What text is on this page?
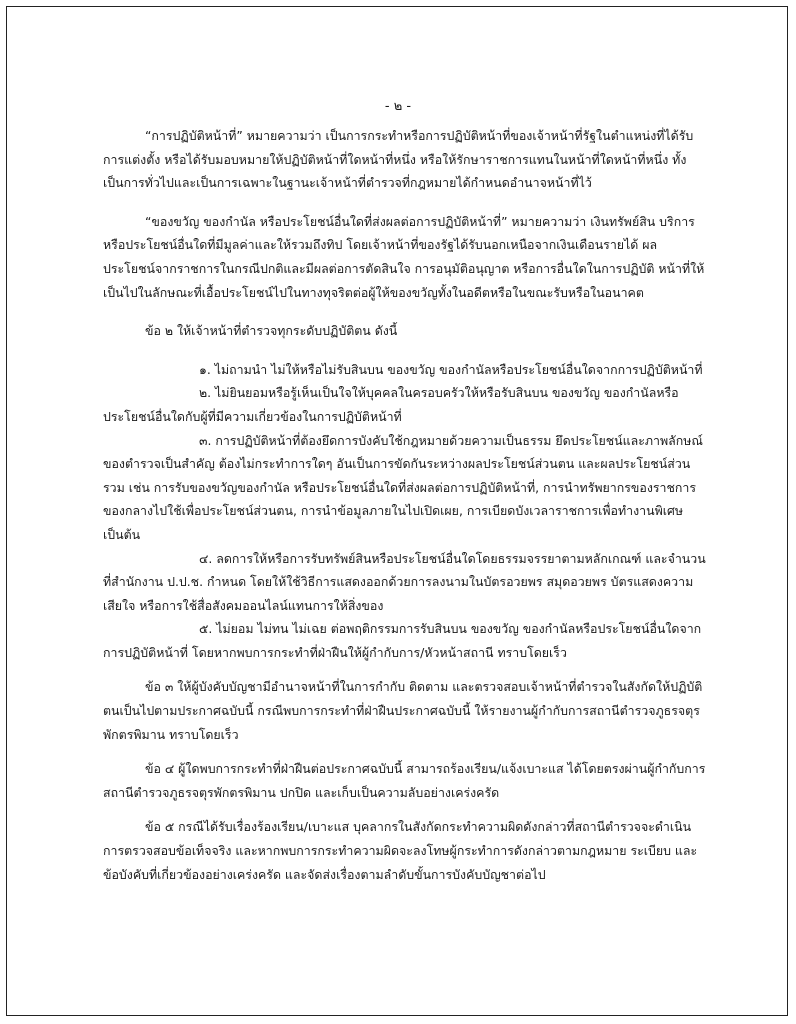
- ๒ -

“การปฏิบัติหน้าที่” หมายความว่า เป็นการกระทำหรือการปฏิบัติหน้าที่ของเจ้าหน้าที่รัฐในตำแหน่งที่ได้รับการแต่งตั้ง หรือได้รับมอบหมายให้ปฏิบัติหน้าที่ใดหน้าที่หนึ่ง หรือให้รักษาราชการแทนในหน้าที่ใดหน้าที่หนึ่ง ทั้งเป็นการทั่วไปและเป็นการเฉพาะในฐานะเจ้าหน้าที่ตำรวจที่กฎหมายได้กำหนดอำนาจหน้าที่ไว้

“ของขวัญ ของกำนัล หรือประโยชน์อื่นใดที่ส่งผลต่อการปฏิบัติหน้าที่” หมายความว่า เงินทรัพย์สิน บริการหรือประโยชน์อื่นใดที่มีมูลค่าและให้รวมถึงทิป โดยเจ้าหน้าที่ของรัฐได้รับนอกเหนือจากเงินเดือนรายได้ ผลประโยชน์จากราชการในกรณีปกติและมีผลต่อการตัดสินใจ การอนุมัติอนุญาต หรือการอื่นใดในการปฏิบัติ หน้าที่ให้เป็นไปในลักษณะที่เอื้อประโยชน์ไปในทางทุจริตต่อผู้ให้ของขวัญทั้งในอดีตหรือในขณะรับหรือในอนาคต

ข้อ ๒ ให้เจ้าหน้าที่ตำรวจทุกระดับปฏิบัติตน ดังนี้

๑. ไม่ถามนำ ไม่ให้หรือไม่รับสินบน ของขวัญ ของกำนัลหรือประโยชน์อื่นใดจากการปฏิบัติหน้าที่

๒. ไม่ยินยอมหรือรู้เห็นเป็นใจให้บุคคลในครอบครัวให้หรือรับสินบน ของขวัญ ของกำนัลหรือประโยชน์อื่นใดกับผู้ที่มีความเกี่ยวข้องในการปฏิบัติหน้าที่

๓. การปฏิบัติหน้าที่ต้องยึดการบังคับใช้กฎหมายด้วยความเป็นธรรม ยึดประโยชน์และภาพลักษณ์ของตำรวจเป็นสำคัญ ต้องไม่กระทำการใดๆ อันเป็นการขัดกันระหว่างผลประโยชน์ส่วนตน และผลประโยชน์ส่วนรวม เช่น การรับของขวัญของกำนัล หรือประโยชน์อื่นใดที่ส่งผลต่อการปฏิบัติหน้าที่, การนำทรัพยากรของราชการของกลางไปใช้เพื่อประโยชน์ส่วนตน, การนำข้อมูลภายในไปเปิดเผย, การเบียดบังเวลาราชการเพื่อทำงานพิเศษ เป็นต้น

๔. ลดการให้หรือการรับทรัพย์สินหรือประโยชน์อื่นใดโดยธรรมจรรยาตามหลักเกณฑ์ และจำนวนที่สำนักงาน ป.ป.ช. กำหนด โดยให้ใช้วิธีการแสดงออกด้วยการลงนามในบัตรอวยพร สมุดอวยพร บัตรแสดงความเสียใจ หรือการใช้สื่อสังคมออนไลน์แทนการให้สิ่งของ

๕. ไม่ยอม ไม่ทน ไม่เฉย ต่อพฤติกรรมการรับสินบน ของขวัญ ของกำนัลหรือประโยชน์อื่นใดจากการปฏิบัติหน้าที่ โดยหากพบการกระทำที่ฝ่าฝืนให้ผู้กำกับการ/หัวหน้าสถานี ทราบโดยเร็ว

ข้อ ๓ ให้ผู้บังคับบัญชามีอำนาจหน้าที่ในการกำกับ ติดตาม และตรวจสอบเจ้าหน้าที่ตำรวจในสังกัดให้ปฏิบัติตนเป็นไปตามประกาศฉบับนี้ กรณีพบการกระทำที่ฝ่าฝืนประกาศฉบับนี้ ให้รายงานผู้กำกับการสถานีตำรวจภูธรจตุรพักตรพิมาน ทราบโดยเร็ว

ข้อ ๔ ผู้ใดพบการกระทำที่ฝ่าฝืนต่อประกาศฉบับนี้ สามารถร้องเรียน/แจ้งเบาะแส ได้โดยตรงผ่านผู้กำกับการสถานีตำรวจภูธรจตุรพักตรพิมาน ปกปิด และเก็บเป็นความลับอย่างเคร่งครัด

ข้อ ๕ กรณีได้รับเรื่องร้องเรียน/เบาะแส บุคลากรในสังกัดกระทำความผิดดังกล่าวที่สถานีตำรวจจะดำเนินการตรวจสอบข้อเท็จจริง และหากพบการกระทำความผิดจะลงโทษผู้กระทำการดังกล่าวตามกฎหมาย ระเบียบ และข้อบังคับที่เกี่ยวข้องอย่างเคร่งครัด และจัดส่งเรื่องตามลำดับขั้นการบังคับบัญชาต่อไป
